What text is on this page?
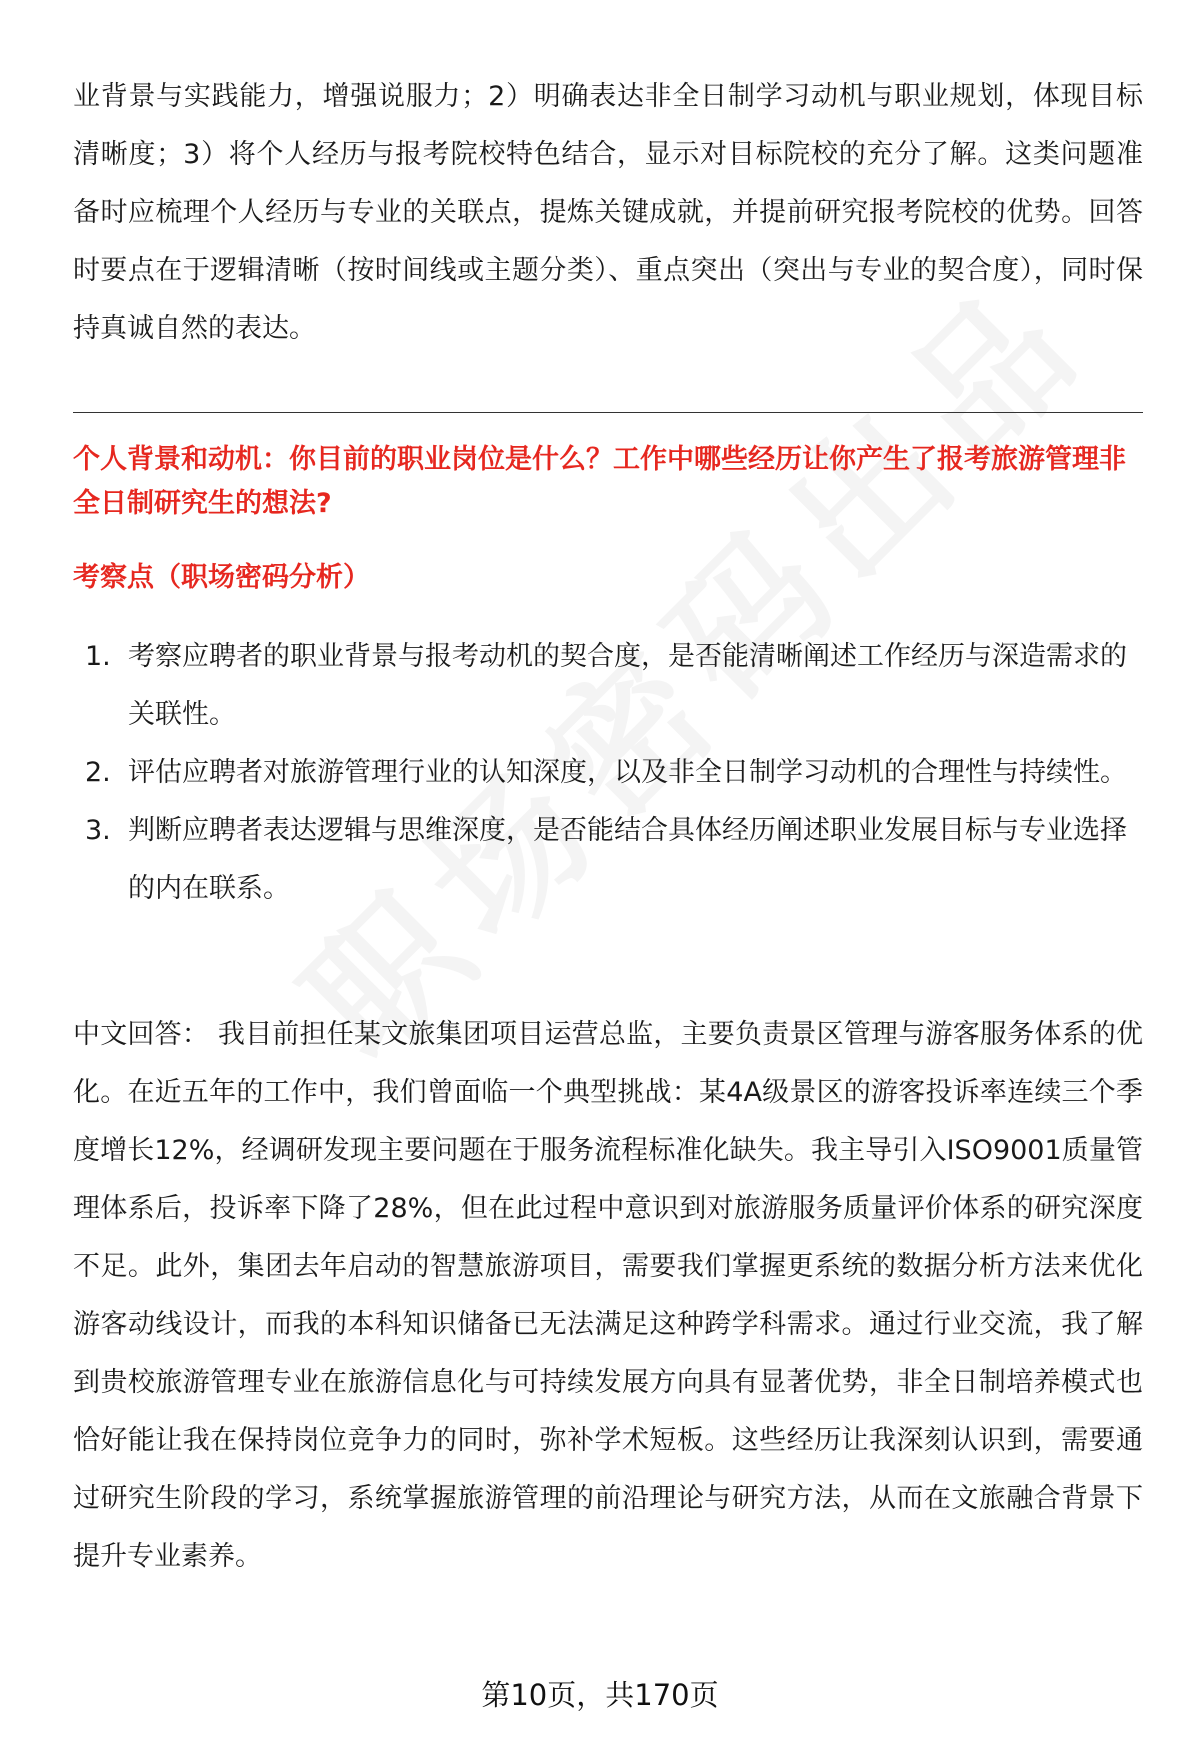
业背景与实践能力，增强说服力；2）明确表达非全日制学习动机与职业规划，体现目标清晰度；3）将个人经历与报考院校特色结合，显示对目标院校的充分了解。这类问题准备时应梳理个人经历与专业的关联点，提炼关键成就，并提前研究报考院校的优势。回答时要点在于逻辑清晰（按时间线或主题分类）、重点突出（突出与专业的契合度），同时保持真诚自然的表达。

个人背景和动机：你目前的职业岗位是什么？工作中哪些经历让你产生了报考旅游管理非全日制研究生的想法?

考察点（职场密码分析）

1. 考察应聘者的职业背景与报考动机的契合度，是否能清晰阐述工作经历与深造需求的关联性。
2. 评估应聘者对旅游管理行业的认知深度，以及非全日制学习动机的合理性与持续性。
3. 判断应聘者表达逻辑与思维深度，是否能结合具体经历阐述职业发展目标与专业选择的内在联系。

中文回答： 我目前担任某文旅集团项目运营总监，主要负责景区管理与游客服务体系的优化。在近五年的工作中，我们曾面临一个典型挑战：某4A级景区的游客投诉率连续三个季度增长12%，经调研发现主要问题在于服务流程标准化缺失。我主导引入ISO9001质量管理体系后，投诉率下降了28%，但在此过程中意识到对旅游服务质量评价体系的研究深度不足。此外，集团去年启动的智慧旅游项目，需要我们掌握更系统的数据分析方法来优化游客动线设计，而我的本科知识储备已无法满足这种跨学科需求。通过行业交流，我了解到贵校旅游管理专业在旅游信息化与可持续发展方向具有显著优势，非全日制培养模式也恰好能让我在保持岗位竞争力的同时，弥补学术短板。这些经历让我深刻认识到，需要通过研究生阶段的学习，系统掌握旅游管理的前沿理论与研究方法，从而在文旅融合背景下提升专业素养。

第10页，共170页
